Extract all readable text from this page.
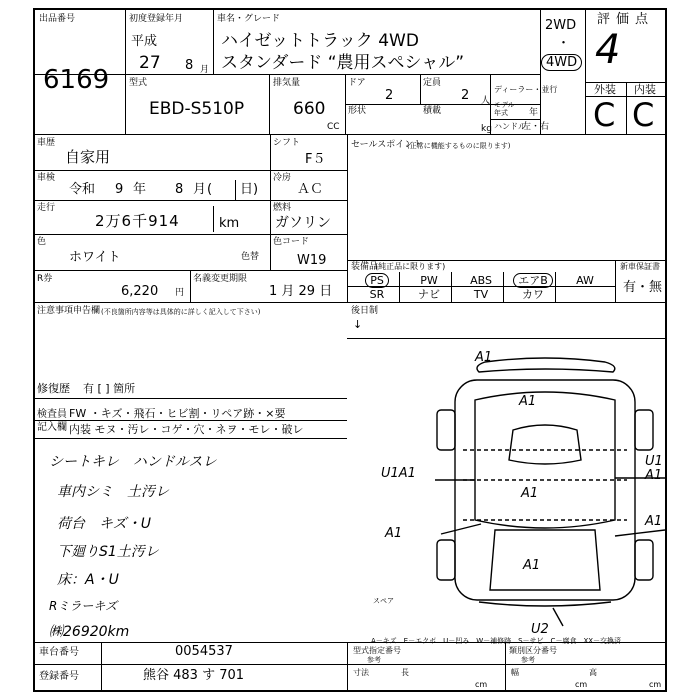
出品番号
6169
初度登録年月
平成
27 8 月
車名・グレード
ハイゼットトラック 4WD
スタンダード “農用スペシャル”
2WD
・
4WD
評価点
4
外装 内装
C C
型式
EBD-S510P
排気量
660
CC
ドア
2
定員
2 人
ディーラー・並行
形状	積載
kg
モデル
年式 年
ハンドル
左・右
車歴
自家用
シフト
F５
車検
令和 9 年 8 月 ( 日)
冷房
ＡＣ
走行
2万6千914	km
燃料
ガソリン
色
ホワイト	色替
色コード
W19
R券
6,220 円
名義変更期限
1 月 29 日
注意事項申告欄 (不良箇所内容等は具体的に詳しく記入して下さい)
修復歴 有 [ ] 箇所
セールスポイント
(正常に機能するものに限ります)
装備品
(純正品に限ります)	新車保証書
有・無
PS	PW	ABS	エアB	AW
SR	ナビ	TV	カワ
後日制
↓
検査員
記入欄
FW ・キズ・飛石・ヒビ割・リペア跡・×要
内装 モヌ・汚レ・コゲ・穴・ネヲ・モレ・破レ
シートキレ　ハンドルスレ
車内シミ　土汚レ
荷台　キズ・U
下廻りS1土汚レ
床：A・U
Rミラーキズ
㈱26920km
A1
A1
A1
A1
U1A1
A1
U1
A1
U2
A1
スペア
A－キズ　E－エクボ　U－凹み　W－補修跡　S－サビ　C－腐食　XX－交換済
車台番号	0054537
登録番号	熊谷 483 す 701
型式指定番号
参考
類別区分番号
参考
寸法	長
cm
幅
cm
高
cm
